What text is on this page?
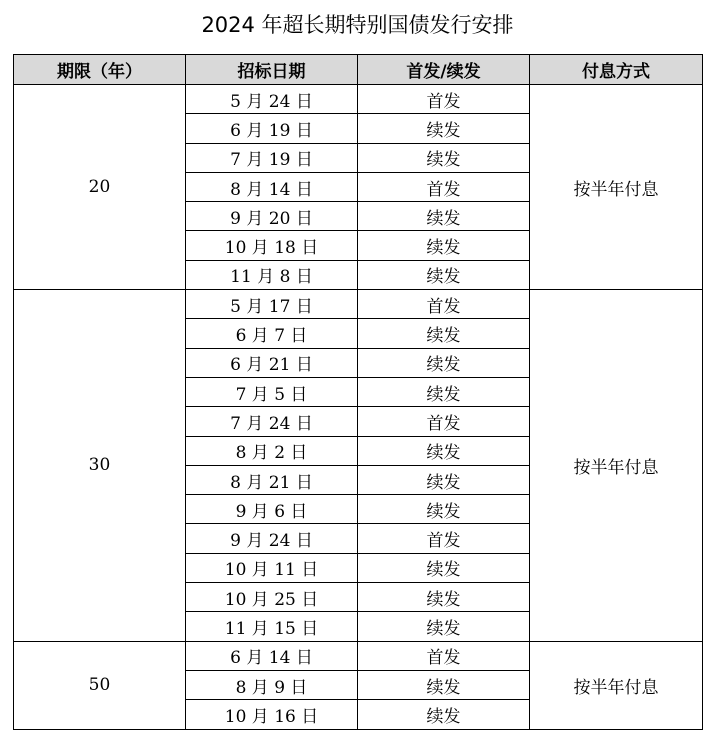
2024 年超长期特别国债发行安排
期限（年）	招标日期	首发/续发	付息方式
20	5 月 24 日	首发	按半年付息
	6 月 19 日	续发	
	7 月 19 日	续发	
	8 月 14 日	首发	
	9 月 20 日	续发	
	10 月 18 日	续发	
	11 月 8 日	续发	
30	5 月 17 日	首发	按半年付息
	6 月 7 日	续发	
	6 月 21 日	续发	
	7 月 5 日	续发	
	7 月 24 日	首发	
	8 月 2 日	续发	
	8 月 21 日	续发	
	9 月 6 日	续发	
	9 月 24 日	首发	
	10 月 11 日	续发	
	10 月 25 日	续发	
	11 月 15 日	续发	
50	6 月 14 日	首发	按半年付息
	8 月 9 日	续发	
	10 月 16 日	续发	
